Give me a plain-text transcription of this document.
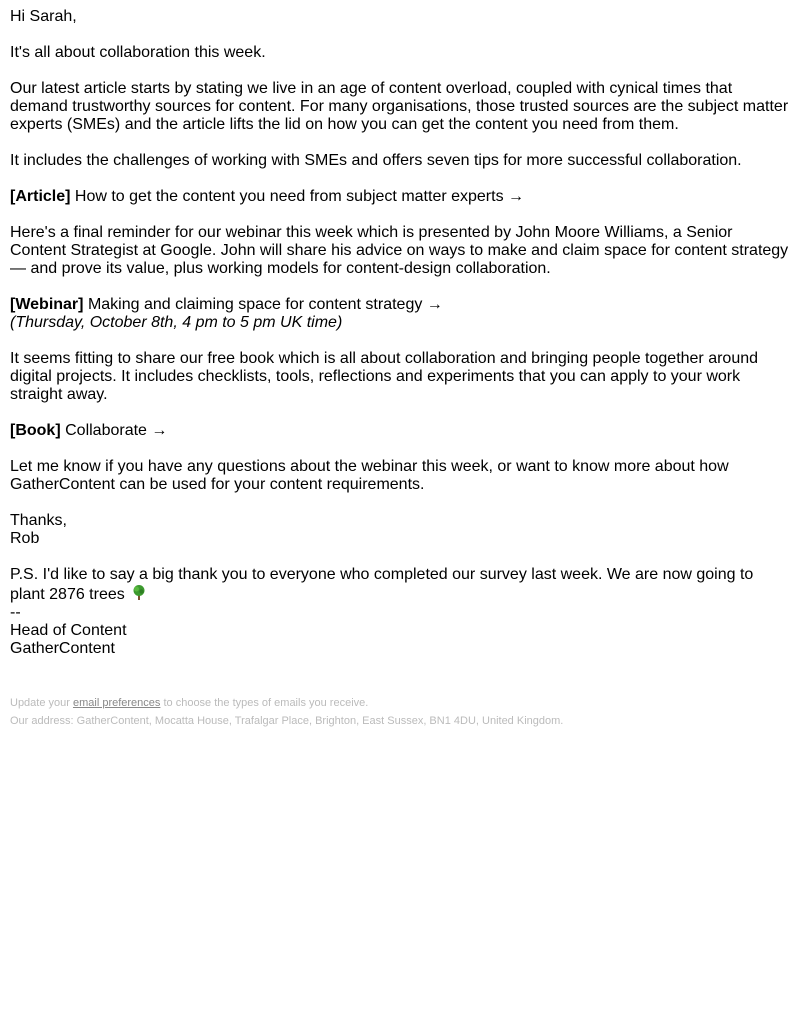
Hi Sarah,

It's all about collaboration this week.

Our latest article starts by stating we live in an age of content overload, coupled with cynical times that demand trustworthy sources for content. For many organisations, those trusted sources are the subject matter experts (SMEs) and the article lifts the lid on how you can get the content you need from them.

It includes the challenges of working with SMEs and offers seven tips for more successful collaboration.

[Article] How to get the content you need from subject matter experts →

Here's a final reminder for our webinar this week which is presented by John Moore Williams, a Senior Content Strategist at Google. John will share his advice on ways to make and claim space for content strategy — and prove its value, plus working models for content-design collaboration.

[Webinar] Making and claiming space for content strategy →
(Thursday, October 8th, 4 pm to 5 pm UK time)

It seems fitting to share our free book which is all about collaboration and bringing people together around digital projects. It includes checklists, tools, reflections and experiments that you can apply to your work straight away.

[Book] Collaborate →

Let me know if you have any questions about the webinar this week, or want to know more about how GatherContent can be used for your content requirements.

Thanks,
Rob

P.S. I'd like to say a big thank you to everyone who completed our survey last week. We are now going to plant 2876 trees

--
Head of Content
GatherContent

Update your email preferences to choose the types of emails you receive.

Our address: GatherContent, Mocatta House, Trafalgar Place, Brighton, East Sussex, BN1 4DU, United Kingdom.
